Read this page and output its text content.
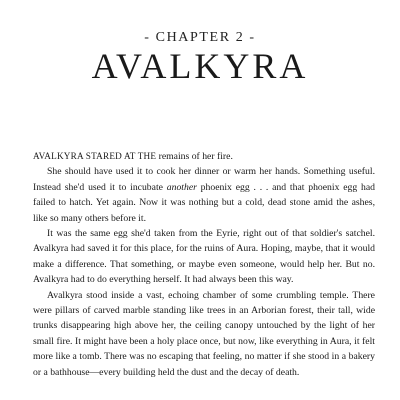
- CHAPTER 2 -
AVALKYRA

AVALKYRA STARED AT THE remains of her fire.

She should have used it to cook her dinner or warm her hands. Something useful. Instead she'd used it to incubate another phoenix egg . . . and that phoenix egg had failed to hatch. Yet again. Now it was nothing but a cold, dead stone amid the ashes, like so many others before it.

It was the same egg she'd taken from the Eyrie, right out of that soldier's satchel. Avalkyra had saved it for this place, for the ruins of Aura. Hoping, maybe, that it would make a difference. That something, or maybe even someone, would help her. But no. Avalkyra had to do everything herself. It had always been this way.

Avalkyra stood inside a vast, echoing chamber of some crumbling temple. There were pillars of carved marble standing like trees in an Arborian forest, their tall, wide trunks disappearing high above her, the ceiling canopy untouched by the light of her small fire. It might have been a holy place once, but now, like everything in Aura, it felt more like a tomb. There was no escaping that feeling, no matter if she stood in a bakery or a bathhouse—every building held the dust and the decay of death.
